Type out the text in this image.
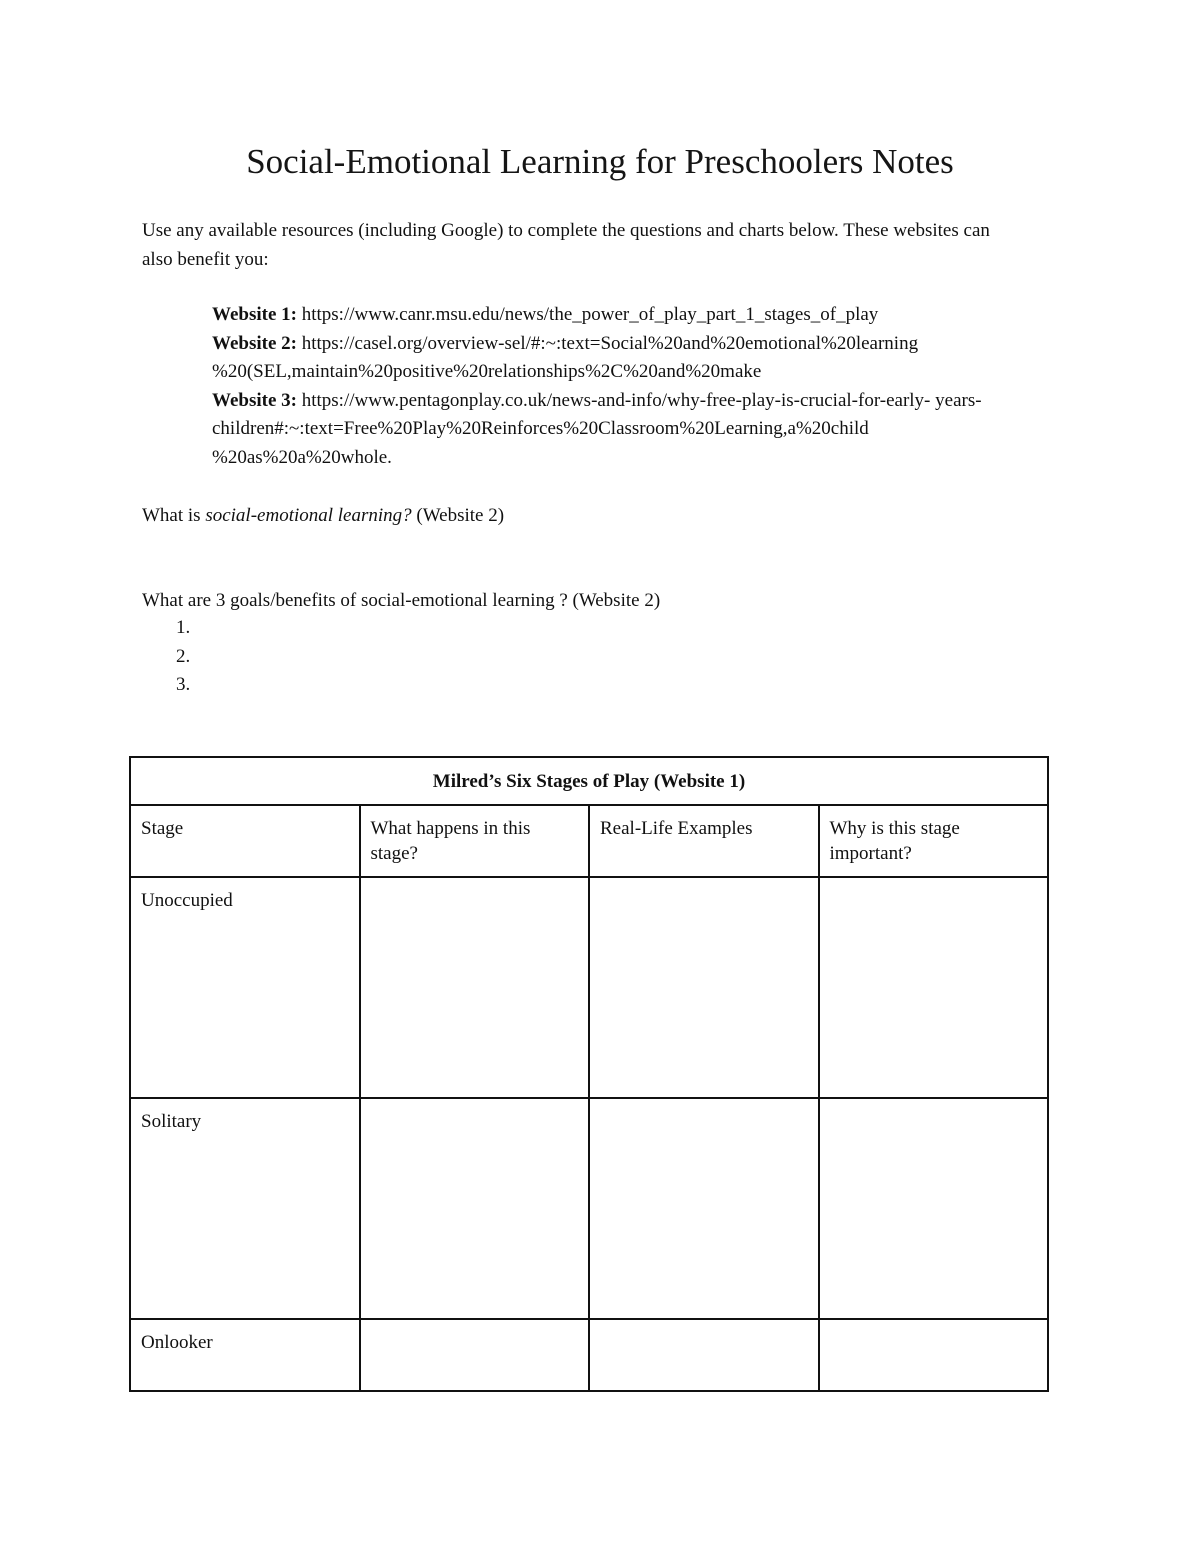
Social-Emotional Learning for Preschoolers Notes
Use any available resources (including Google) to complete the questions and charts below. These websites can also benefit you:
Website 1: https://www.canr.msu.edu/news/the_power_of_play_part_1_stages_of_play
Website 2: https://casel.org/overview-sel/#:~:text=Social%20and%20emotional%20learning %20(SEL,maintain%20positive%20relationships%2C%20and%20make
Website 3: https://www.pentagonplay.co.uk/news-and-info/why-free-play-is-crucial-for-early- years-children#:~:text=Free%20Play%20Reinforces%20Classroom%20Learning,a%20child %20as%20a%20whole.
What is social-emotional learning? (Website 2)
What are 3 goals/benefits of social-emotional learning ? (Website 2)
1.
2.
3.
Milred’s Six Stages of Play (Website 1)			
Stage	What happens in this stage?	Real-Life Examples	Why is this stage important?
Unoccupied			
Solitary			
Onlooker			
